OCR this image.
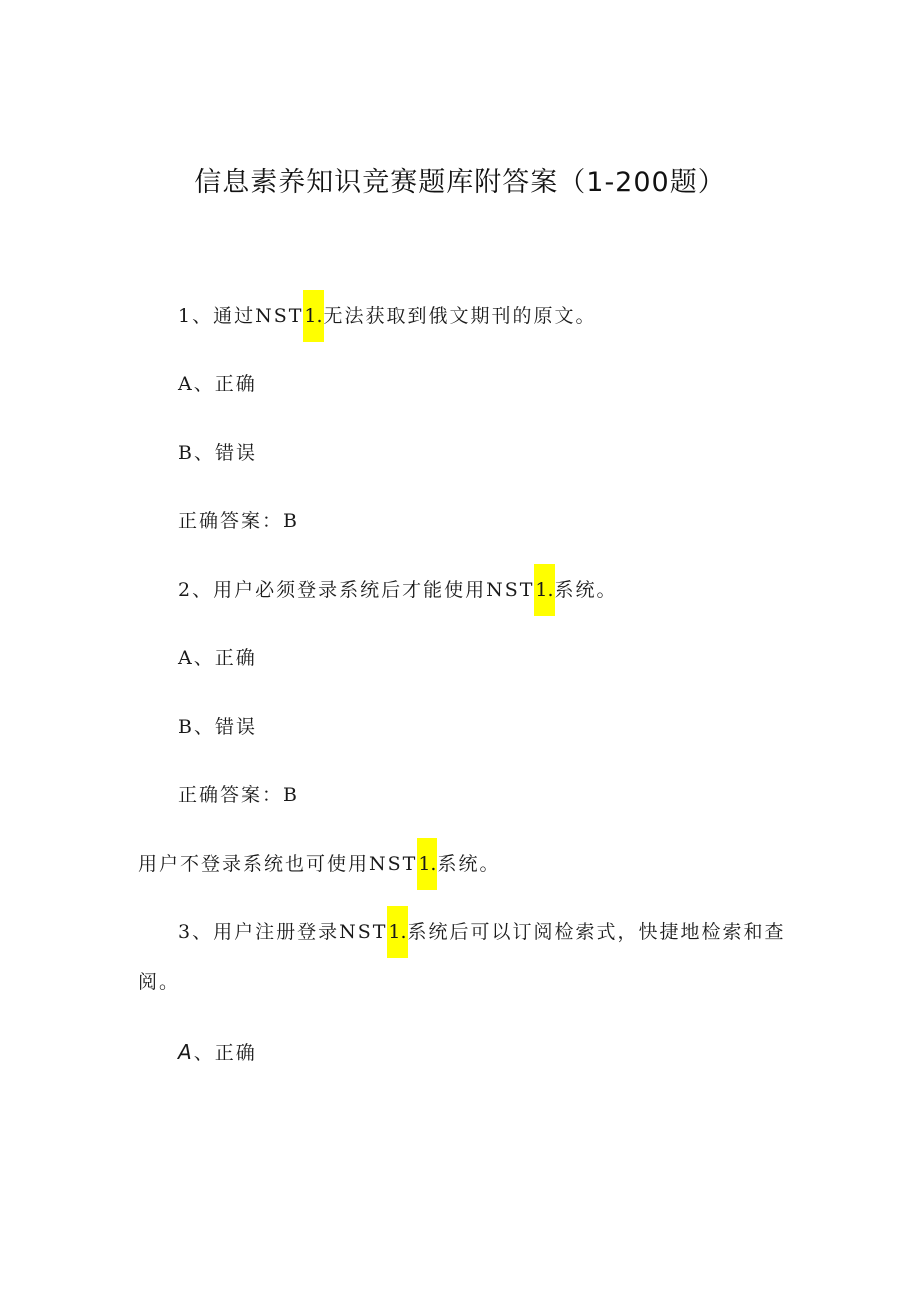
信息素养知识竞赛题库附答案（1-200题）
1、通过NST1.无法获取到俄文期刊的原文。
A、正确
B、错误
正确答案：B
2、用户必须登录系统后才能使用NST1.系统。
A、正确
B、错误
正确答案：B
用户不登录系统也可使用NST1.系统。
3、用户注册登录NST1.系统后可以订阅检索式，快捷地检索和查
阅。
A、正确
